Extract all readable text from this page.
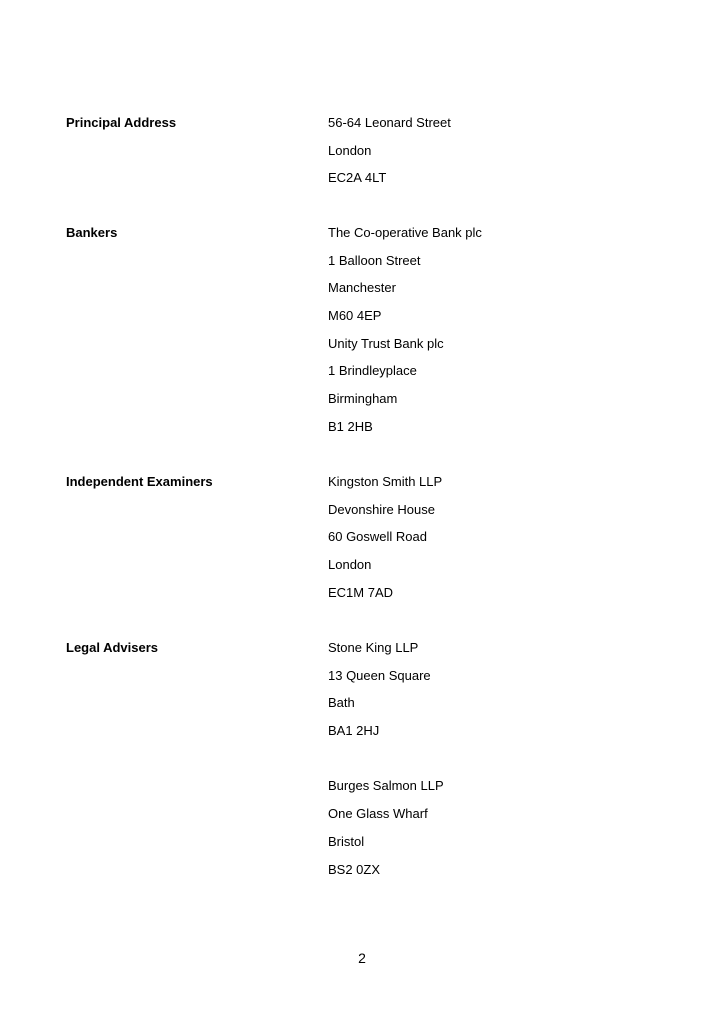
Principal Address	56-64 Leonard Street
London
EC2A 4LT
Bankers	The Co-operative Bank plc
1 Balloon Street
Manchester
M60 4EP
Unity Trust Bank plc
1 Brindleyplace
Birmingham
B1 2HB
Independent Examiners	Kingston Smith LLP
Devonshire House
60 Goswell Road
London
EC1M 7AD
Legal Advisers	Stone King LLP
13 Queen Square
Bath
BA1 2HJ
Burges Salmon LLP
One Glass Wharf
Bristol
BS2 0ZX
2
